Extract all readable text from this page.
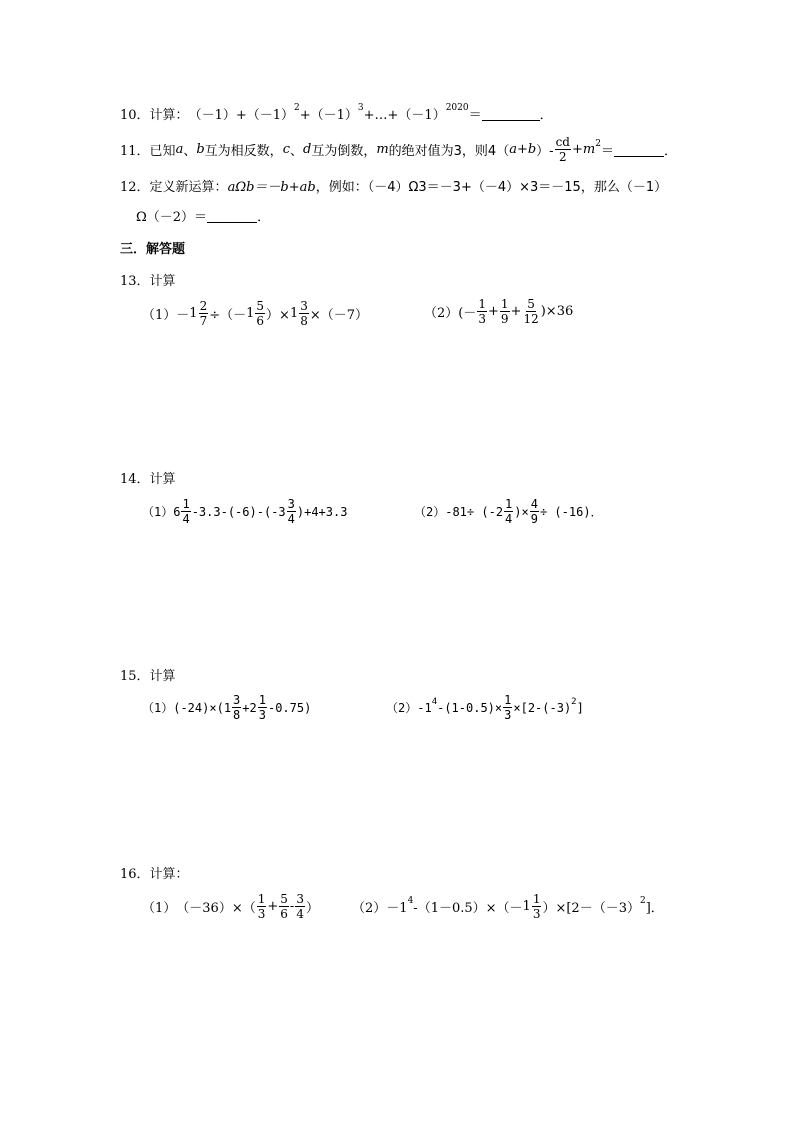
10． 计算： （－1）+（－1）
2
+（－1）
3
+…+（－1）
2020
＝	．
11． 已知 a 、 b 互为相反数， c 、 d 互为倒数， m 的绝对值为3，则4（ a+b ）- $\frac{cd}{2} + m$ 2
＝	．
12． 定义新运算： aΩb＝－b+ab ，例如：（－4）Ω3＝－3+（－4）×3＝－15，那么（－1）
Ω（－2）＝	．
三．解答题
13． 计算
$(1) - 1 \frac{2}{7}$ ÷（－ $1 \frac{5}{6}$ ）× $1 \frac{3}{8} \times(-7)$	（2） (－ $\frac{1}{3} + \frac{1}{9} + \frac{5}{12} )\times 36$
14． 计算
（1） $6 \frac{1}{4} -3.3-(-6)-(-$ $3 \frac{3}{4} )+4+3.3$	（2） -81÷ (- $2 \frac{1}{4}$ )× $\frac{4}{9} \div (-16)$．
15． 计算
（1） (-24)×( $1 \frac{3}{8} + 2 \frac{1}{3} -0.75$)	（2） -1 4 $-(1-0.5)\times \frac{1}{3} \times[2-(-3)$ 2 ]
16． 计算：
（1） $(-36)\times( \frac{1}{3} + \frac{5}{6} - \frac{3}{4}$ ）	（2） －1
4
$-(1-0.5)\times(- 1 \frac{1}{3} )\times[2-(-3)$
2
]．
